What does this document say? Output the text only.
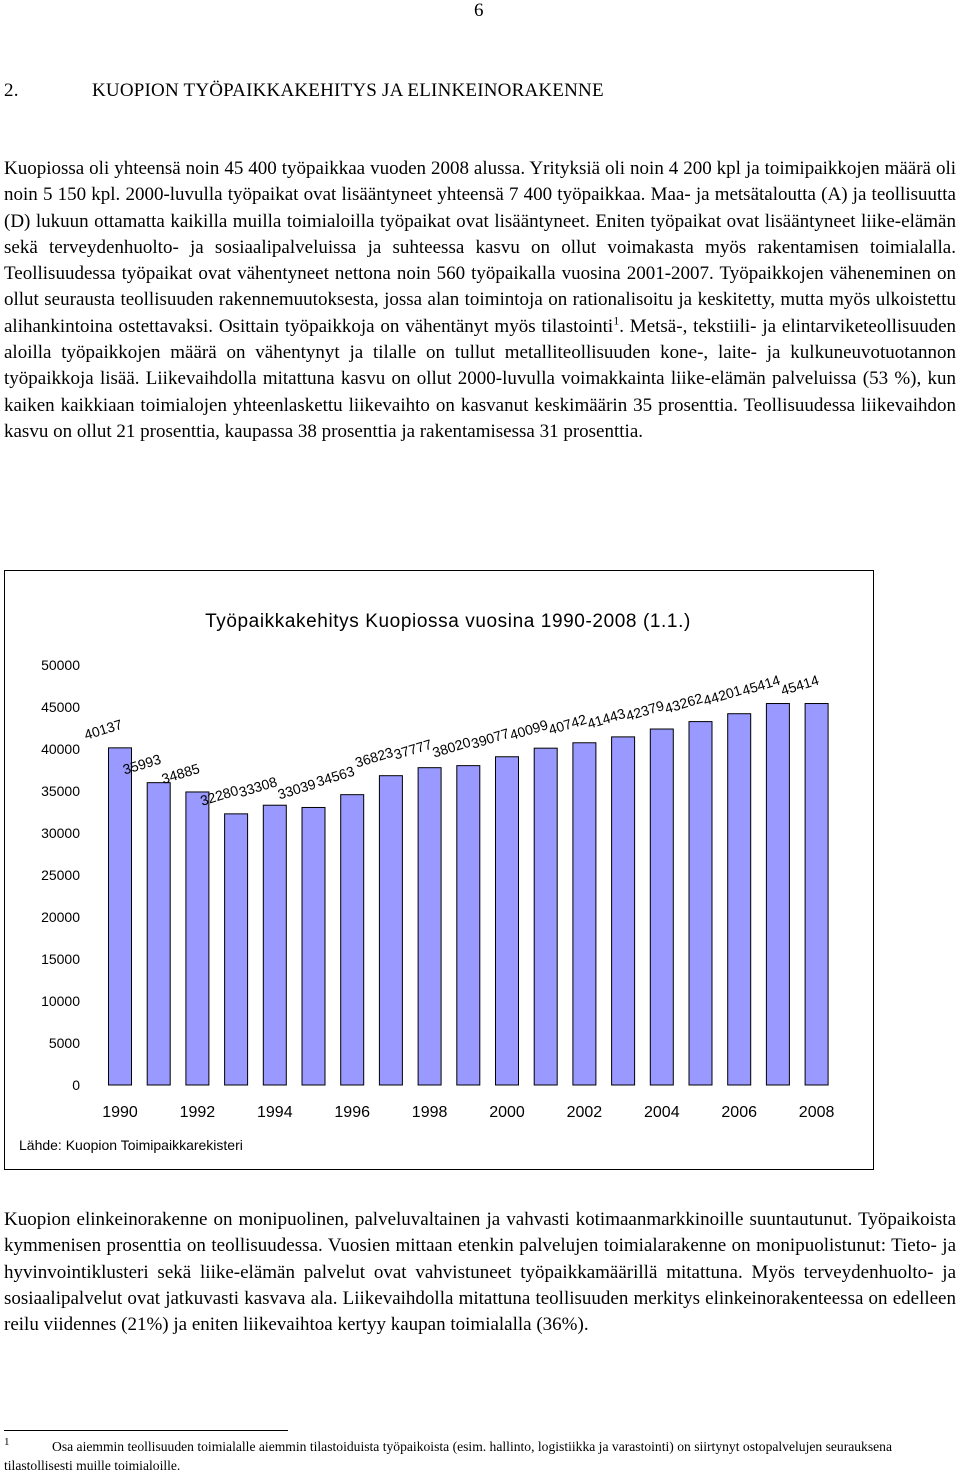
6
2.	KUOPION TYÖPAIKKAKEHITYS JA ELINKEINORAKENNE

Kuopiossa oli yhteensä noin 45 400 työpaikkaa vuoden 2008 alussa. Yrityksiä oli noin 4 200 kpl ja toimipaikkojen määrä oli noin 5 150 kpl. 2000-luvulla työpaikat ovat lisääntyneet yhteensä 7 400 työpaikkaa. Maa- ja metsätaloutta (A) ja teollisuutta (D) lukuun ottamatta kaikilla muilla toimialoilla työpaikat ovat lisääntyneet. Eniten työpaikat ovat lisääntyneet liike-elämän sekä terveydenhuolto- ja sosiaalipalveluissa ja suhteessa kasvu on ollut voimakasta myös rakentamisen toimialalla. Teollisuudessa työpaikat ovat vähentyneet nettona noin 560 työpaikalla vuosina 2001-2007. Työpaikkojen väheneminen on ollut seurausta teollisuuden rakennemuutoksesta, jossa alan toimintoja on rationalisoitu ja keskitetty, mutta myös ulkoistettu alihankintoina ostettavaksi. Osittain työpaikkoja on vähentänyt myös tilastointi$^1$. Metsä-, tekstiili- ja elintarviketeollisuuden aloilla työpaikkojen määrä on vähentynyt ja tilalle on tullut metalliteollisuuden kone-, laite- ja kulkuneuvotuotannon työpaikkoja lisää. Liikevaihdolla mitattuna kasvu on ollut 2000-luvulla voimakkainta liike-elämän palveluissa (53 %), kun kaiken kaikkiaan toimialojen yhteenlaskettu liikevaihto on kasvanut keskimäärin 35 prosenttia. Teollisuudessa liikevaihdon kasvu on ollut 21 prosenttia, kaupassa 38 prosenttia ja rakentamisessa 31 prosenttia.

Työpaikkakehitys Kuopiossa vuosina 1990-2008 (1.1.)
0
5000
10000
15000
20000
25000
30000
35000
40000
45000
50000
40137
35993
34885
32280
33308
33039
34563
36823
37777
38020
39077
40099
40742
41443
42379
43262
44201
45414
45414
1990	1992	1994	1996	1998	2000	2002	2004	2006	2008

Lähde: Kuopion Toimipaikkarekisteri

Kuopion elinkeinorakenne on monipuolinen, palveluvaltainen ja vahvasti kotimaanmarkkinoille suuntautunut. Työpaikoista kymmenisen prosenttia on teollisuudessa. Vuosien mittaan etenkin palvelujen toimialarakenne on monipuolistunut: Tieto- ja hyvinvointiklusteri sekä liike-elämän palvelut ovat vahvistuneet työpaikkamäärillä mitattuna. Myös terveydenhuolto- ja sosiaalipalvelut ovat jatkuvasti kasvava ala. Liikevaihdolla mitattuna teollisuuden merkitys elinkeinorakenteessa on edelleen reilu viidennes (21%) ja eniten liikevaihtoa kertyy kaupan toimialalla (36%).

1	Osa aiemmin teollisuuden toimialalle aiemmin tilastoiduista työpaikoista (esim. hallinto, logistiikka ja varastointi) on siirtynyt ostopalvelujen seurauksena tilastollisesti muille toimialoille.
